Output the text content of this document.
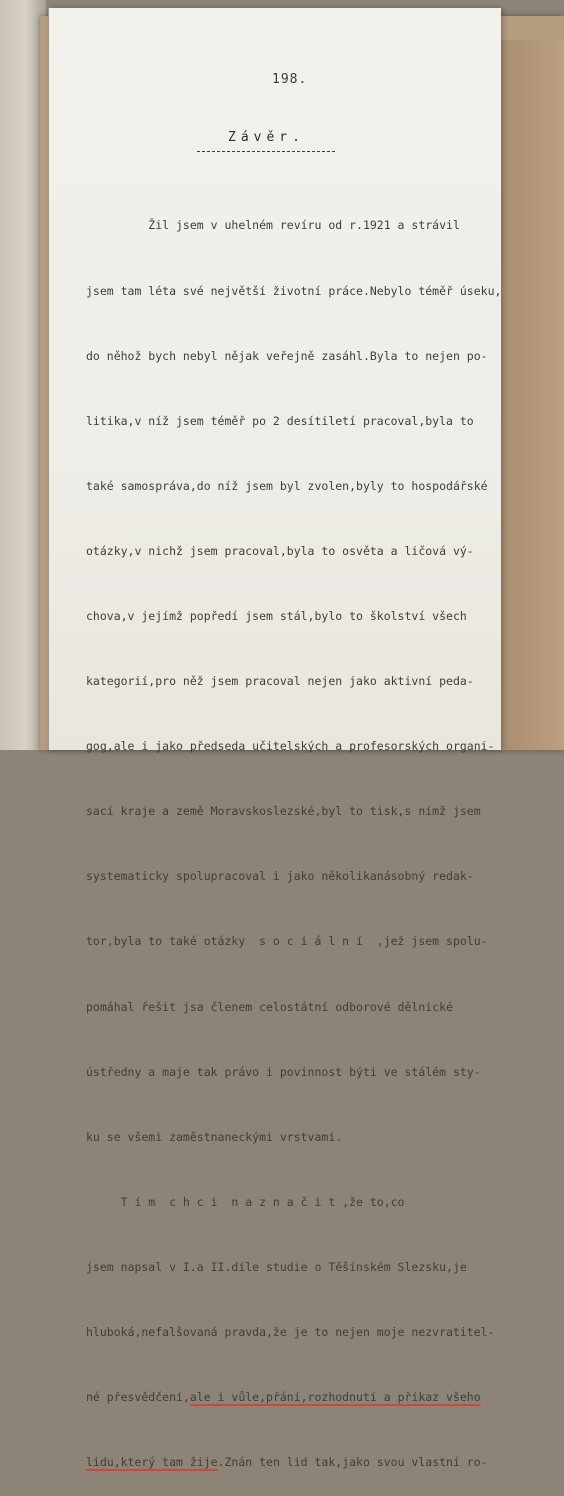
198.
Závěr.

Žil jsem v uhelném revíru od r.1921 a strávil

jsem tam léta své největší životní práce.Nebylo téměř úseku,

do něhož bych nebyl nějak veřejně zasáhl.Byla to nejen po-

litika,v níž jsem téměř po 2 desítiletí pracoval,byla to

také samospráva,do níž jsem byl zvolen,byly to hospodářské

otázky,v nichž jsem pracoval,byla to osvěta a ličová vý-

chova,v jejímž popředí jsem stál,bylo to školství všech

kategorií,pro něž jsem pracoval nejen jako aktivní peda-

gog,ale i jako předseda učitelských a profesorských organi-

sací kraje a země Moravskoslezské,byl to tisk,s nímž jsem

systematicky spolupracoval i jako několikanásobný redak-

tor,byla to také otázky  s o c i á l n í  ,jež jsem spolu-

pomáhal řešit jsa členem celostátní odborové dělnické

ústředny a maje tak právo i povinnost býti ve stálém sty-

ku se všemi zaměstnaneckými vrstvami.

T í m  c h c i  n a z n a č i t ,že to,co

jsem napsal v I.a II.díle studie o Těšínském Slezsku,je

hluboká,nefalšovaná pravda,že je to nejen moje nezvratitel-

né přesvědčení,ale i vůle,přání,rozhodnutí a příkaz všeho

lidu,který tam žije.Znán ten lid tak,jako svou vlastní ro-
